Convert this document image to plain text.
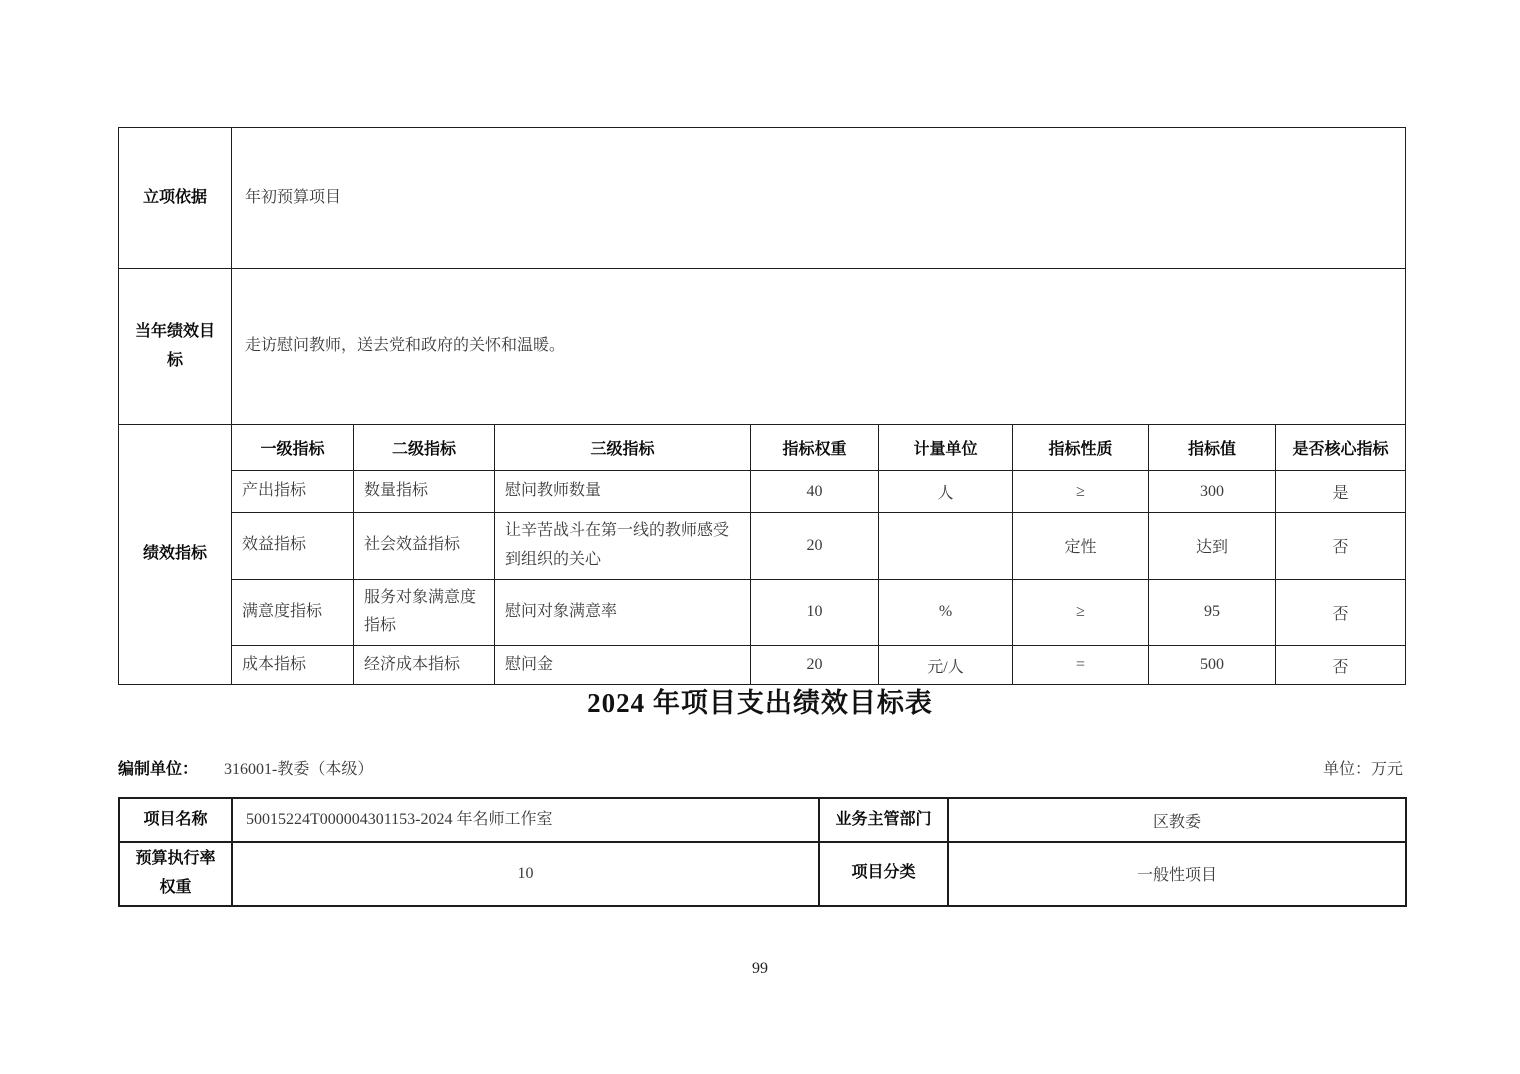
立项依据	年初预算项目							
当年绩效目标	走访慰问教师，送去党和政府的关怀和温暖。							
绩效指标	一级指标	二级指标	三级指标	指标权重	计量单位	指标性质	指标值	是否核心指标
	产出指标	数量指标	慰问教师数量	40	人	≥	300	是
	效益指标	社会效益指标	让辛苦战斗在第一线的教师感受到组织的关心	20		定性	达到	否
	满意度指标	服务对象满意度指标	慰问对象满意率	10	%	≥	95	否
	成本指标	经济成本指标	慰问金	20	元/人	=	500	否
2024 年项目支出绩效目标表
编制单位： 316001-教委（本级）	单位：万元
项目名称	50015224T000004301153-2024 年名师工作室	业务主管部门	区教委
预算执行率权重	10	项目分类	一般性项目
99
